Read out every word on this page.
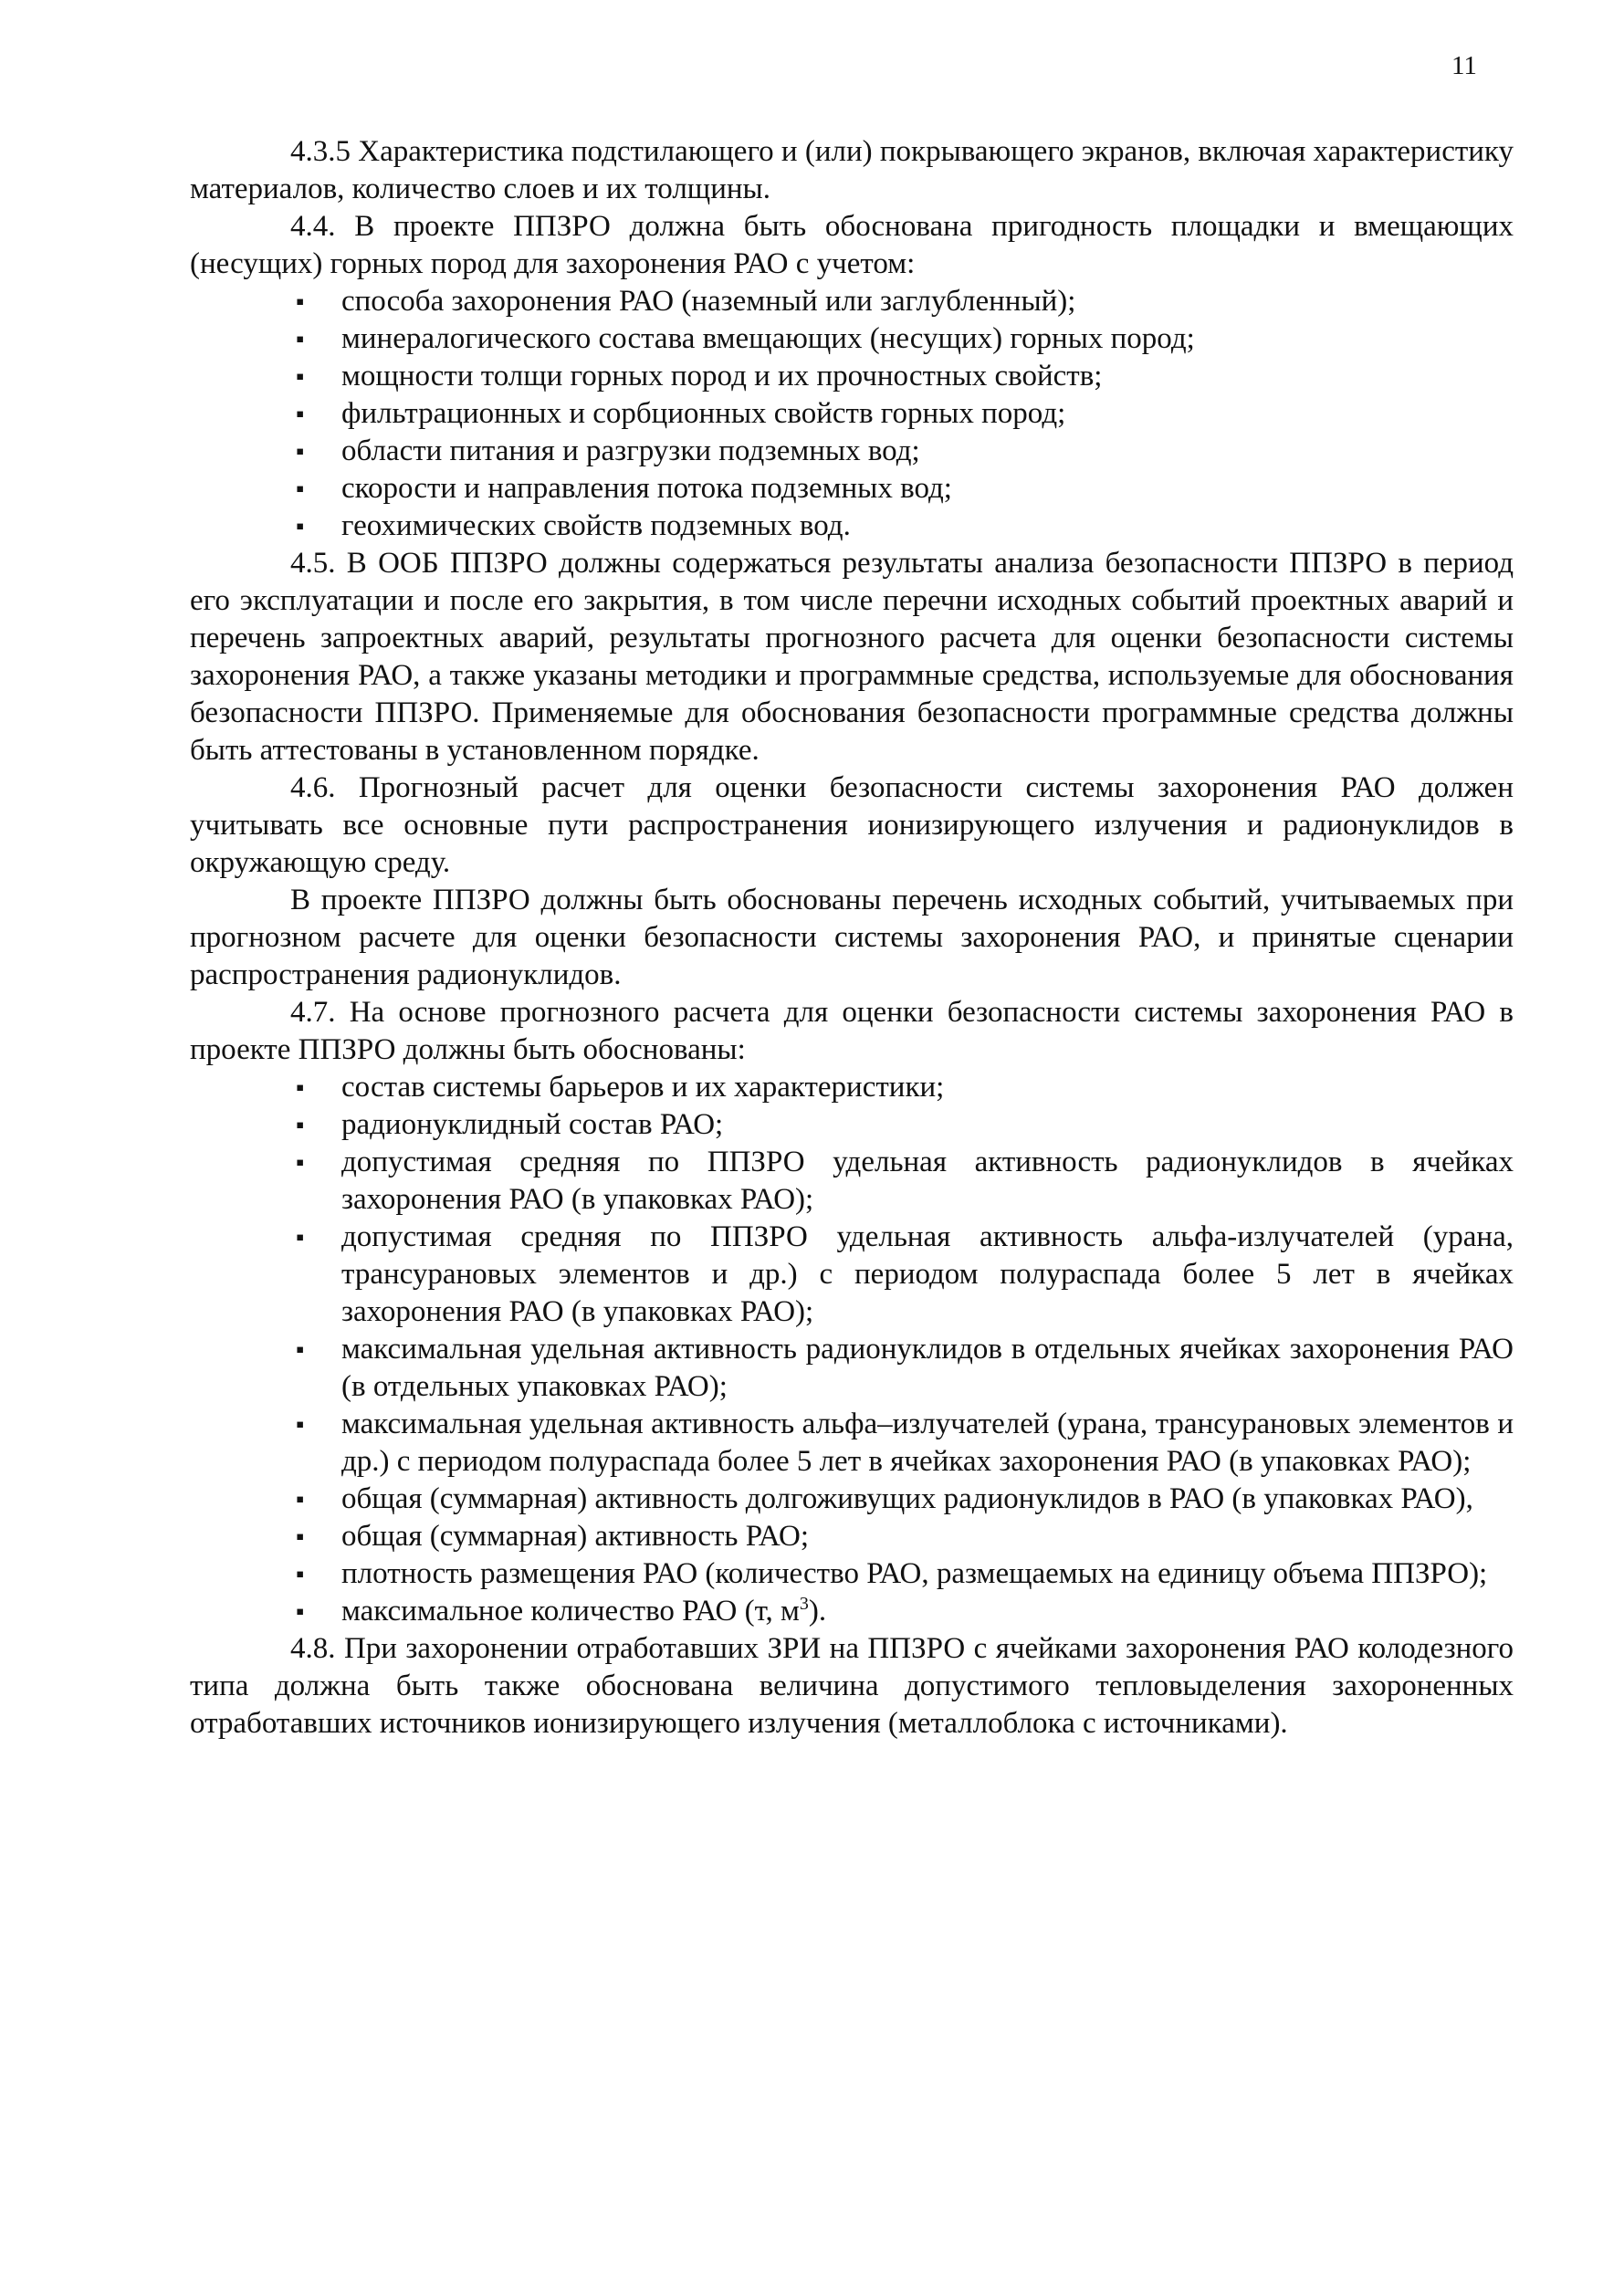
11

4.3.5 Характеристика подстилающего и (или) покрывающего экранов, включая характеристику материалов, количество слоев и их толщины.

4.4. В проекте ППЗРО должна быть обоснована пригодность площадки и вмещающих (несущих) горных пород для захоронения РАО с учетом:

▪ способа захоронения РАО (наземный или заглубленный);
▪ минералогического состава вмещающих (несущих) горных пород;
▪ мощности толщи горных пород и их прочностных свойств;
▪ фильтрационных и сорбционных свойств горных пород;
▪ области питания и разгрузки подземных вод;
▪ скорости и направления потока подземных вод;
▪ геохимических свойств подземных вод.

4.5. В ООБ ППЗРО должны содержаться результаты анализа безопасности ППЗРО в период его эксплуатации и после его закрытия, в том числе перечни исходных событий проектных аварий и перечень запроектных аварий, результаты прогнозного расчета для оценки безопасности системы захоронения РАО, а также указаны методики и программные средства, используемые для обоснования безопасности ППЗРО. Применяемые для обоснования безопасности программные средства должны быть аттестованы в установленном порядке.

4.6. Прогнозный расчет для оценки безопасности системы захоронения РАО должен учитывать все основные пути распространения ионизирующего излучения и радионуклидов в окружающую среду.

В проекте ППЗРО должны быть обоснованы перечень исходных событий, учитываемых при прогнозном расчете для оценки безопасности системы захоронения РАО, и принятые сценарии распространения радионуклидов.

4.7. На основе прогнозного расчета для оценки безопасности системы захоронения РАО в проекте ППЗРО должны быть обоснованы:

▪ состав системы барьеров и их характеристики;
▪ радионуклидный состав РАО;
▪ допустимая средняя по ППЗРО удельная активность радионуклидов в ячейках захоронения РАО (в упаковках РАО);
▪ допустимая средняя по ППЗРО удельная активность альфа-излучателей (урана, трансурановых элементов и др.) с периодом полураспада более 5 лет в ячейках захоронения РАО (в упаковках РАО);
▪ максимальная удельная активность радионуклидов в отдельных ячейках захоронения РАО (в отдельных упаковках РАО);
▪ максимальная удельная активность альфа–излучателей (урана, трансурановых элементов и др.) с периодом полураспада более 5 лет в ячейках захоронения РАО (в упаковках РАО);
▪ общая (суммарная) активность долгоживущих радионуклидов в РАО (в упаковках РАО),
▪ общая (суммарная) активность РАО;
▪ плотность размещения РАО (количество РАО, размещаемых на единицу объема ППЗРО);
▪ максимальное количество РАО (т, $м^3$).

4.8. При захоронении отработавших ЗРИ на ППЗРО с ячейками захоронения РАО колодезного типа должна быть также обоснована величина допустимого тепловыделения захороненных отработавших источников ионизирующего излучения (металлоблока с источниками).
